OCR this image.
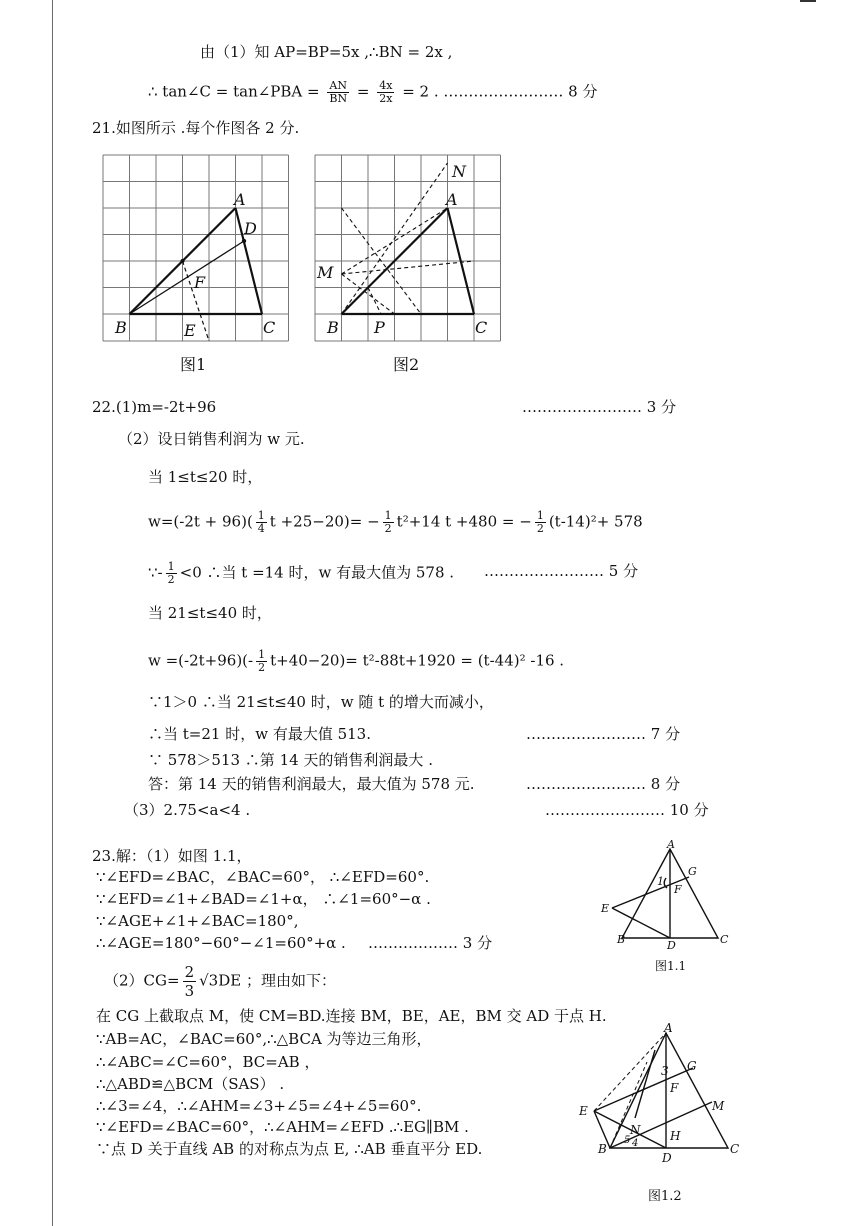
由（1）知 AP=BP=5x ,∴BN = 2x ,
∴ tan∠C = tan∠PBA = $\frac{AN}{BN} = \frac{4x}{2x} = 2$ . …………………… 8 分
21.如图所示 .每个作图各 2 分.
A
D
F
B	C
E
图1
N
A
M
B P	C
图2
22.(1)m=-2t+96	…………………… 3 分
（2）设日销售利润为 w 元.
当 1≤t≤20 时，
$w=(-2t + 96)( \frac{1}{4}$ $t +25-20)= - \frac{1}{2} t^2+14$ t +480 = − $\frac{1}{2} (t-14)^2+ 578$
∵- $\frac{1}{2} <0$ ∴当 t =14 时，w 有最大值为 578 . …………………… 5 分
当 21≤t≤40 时，
$w =(-2t+96)(- \frac{1}{2} t+40-20)= t^2-88t+1920 = (t-44)^2$ -16 .
∵1＞0 ∴当 21≤t≤40 时，w 随 t 的增大而减小，
∴当 t=21 时，w 有最大值 513.	…………………… 7 分
∵ 578＞513 ∴第 14 天的销售利润最大 .
答：第 14 天的销售利润最大，最大值为 578 元.	…………………… 8 分
（3）2.75<a<4 .	…………………… 10 分
23.解：（1）如图 1.1，
∵∠EFD=∠BAC，∠BAC=60°， ∴∠EFD=60°.
∵∠EFD=∠1+∠BAD=∠1+α， ∴∠1=60°−α .
∵∠AGE+∠1+∠BAC=180°,
∴∠AGE=180°−60°−∠1=60°+α . ……………… 3 分
$(2)CG= \frac{2}{3} √3DE$ ；理由如下：
在 CG 上截取点 M，使 CM=BD.连接 BM，BE，AE，BM 交 AD 于点 H.
∵AB=AC，∠BAC=60°,∴△BCA 为等边三角形，
∴∠ABC=∠C=60°，BC=AB ，
∴△ABD≌△BCM（SAS） .
∴∠3=∠4，∴∠AHM=∠3+∠5=∠4+∠5=60°.
∵∠EFD=∠BAC=60°，∴∠AHM=∠EFD .∴EG∥BM .
∵点 D 关于直线 AB 的对称点为点 E, ∴AB 垂直平分 ED.
A
G
1
F
E
B	D	C
图1.1
A
G
3
F
E	M
N H
5 4
B
D
C
图1.2
